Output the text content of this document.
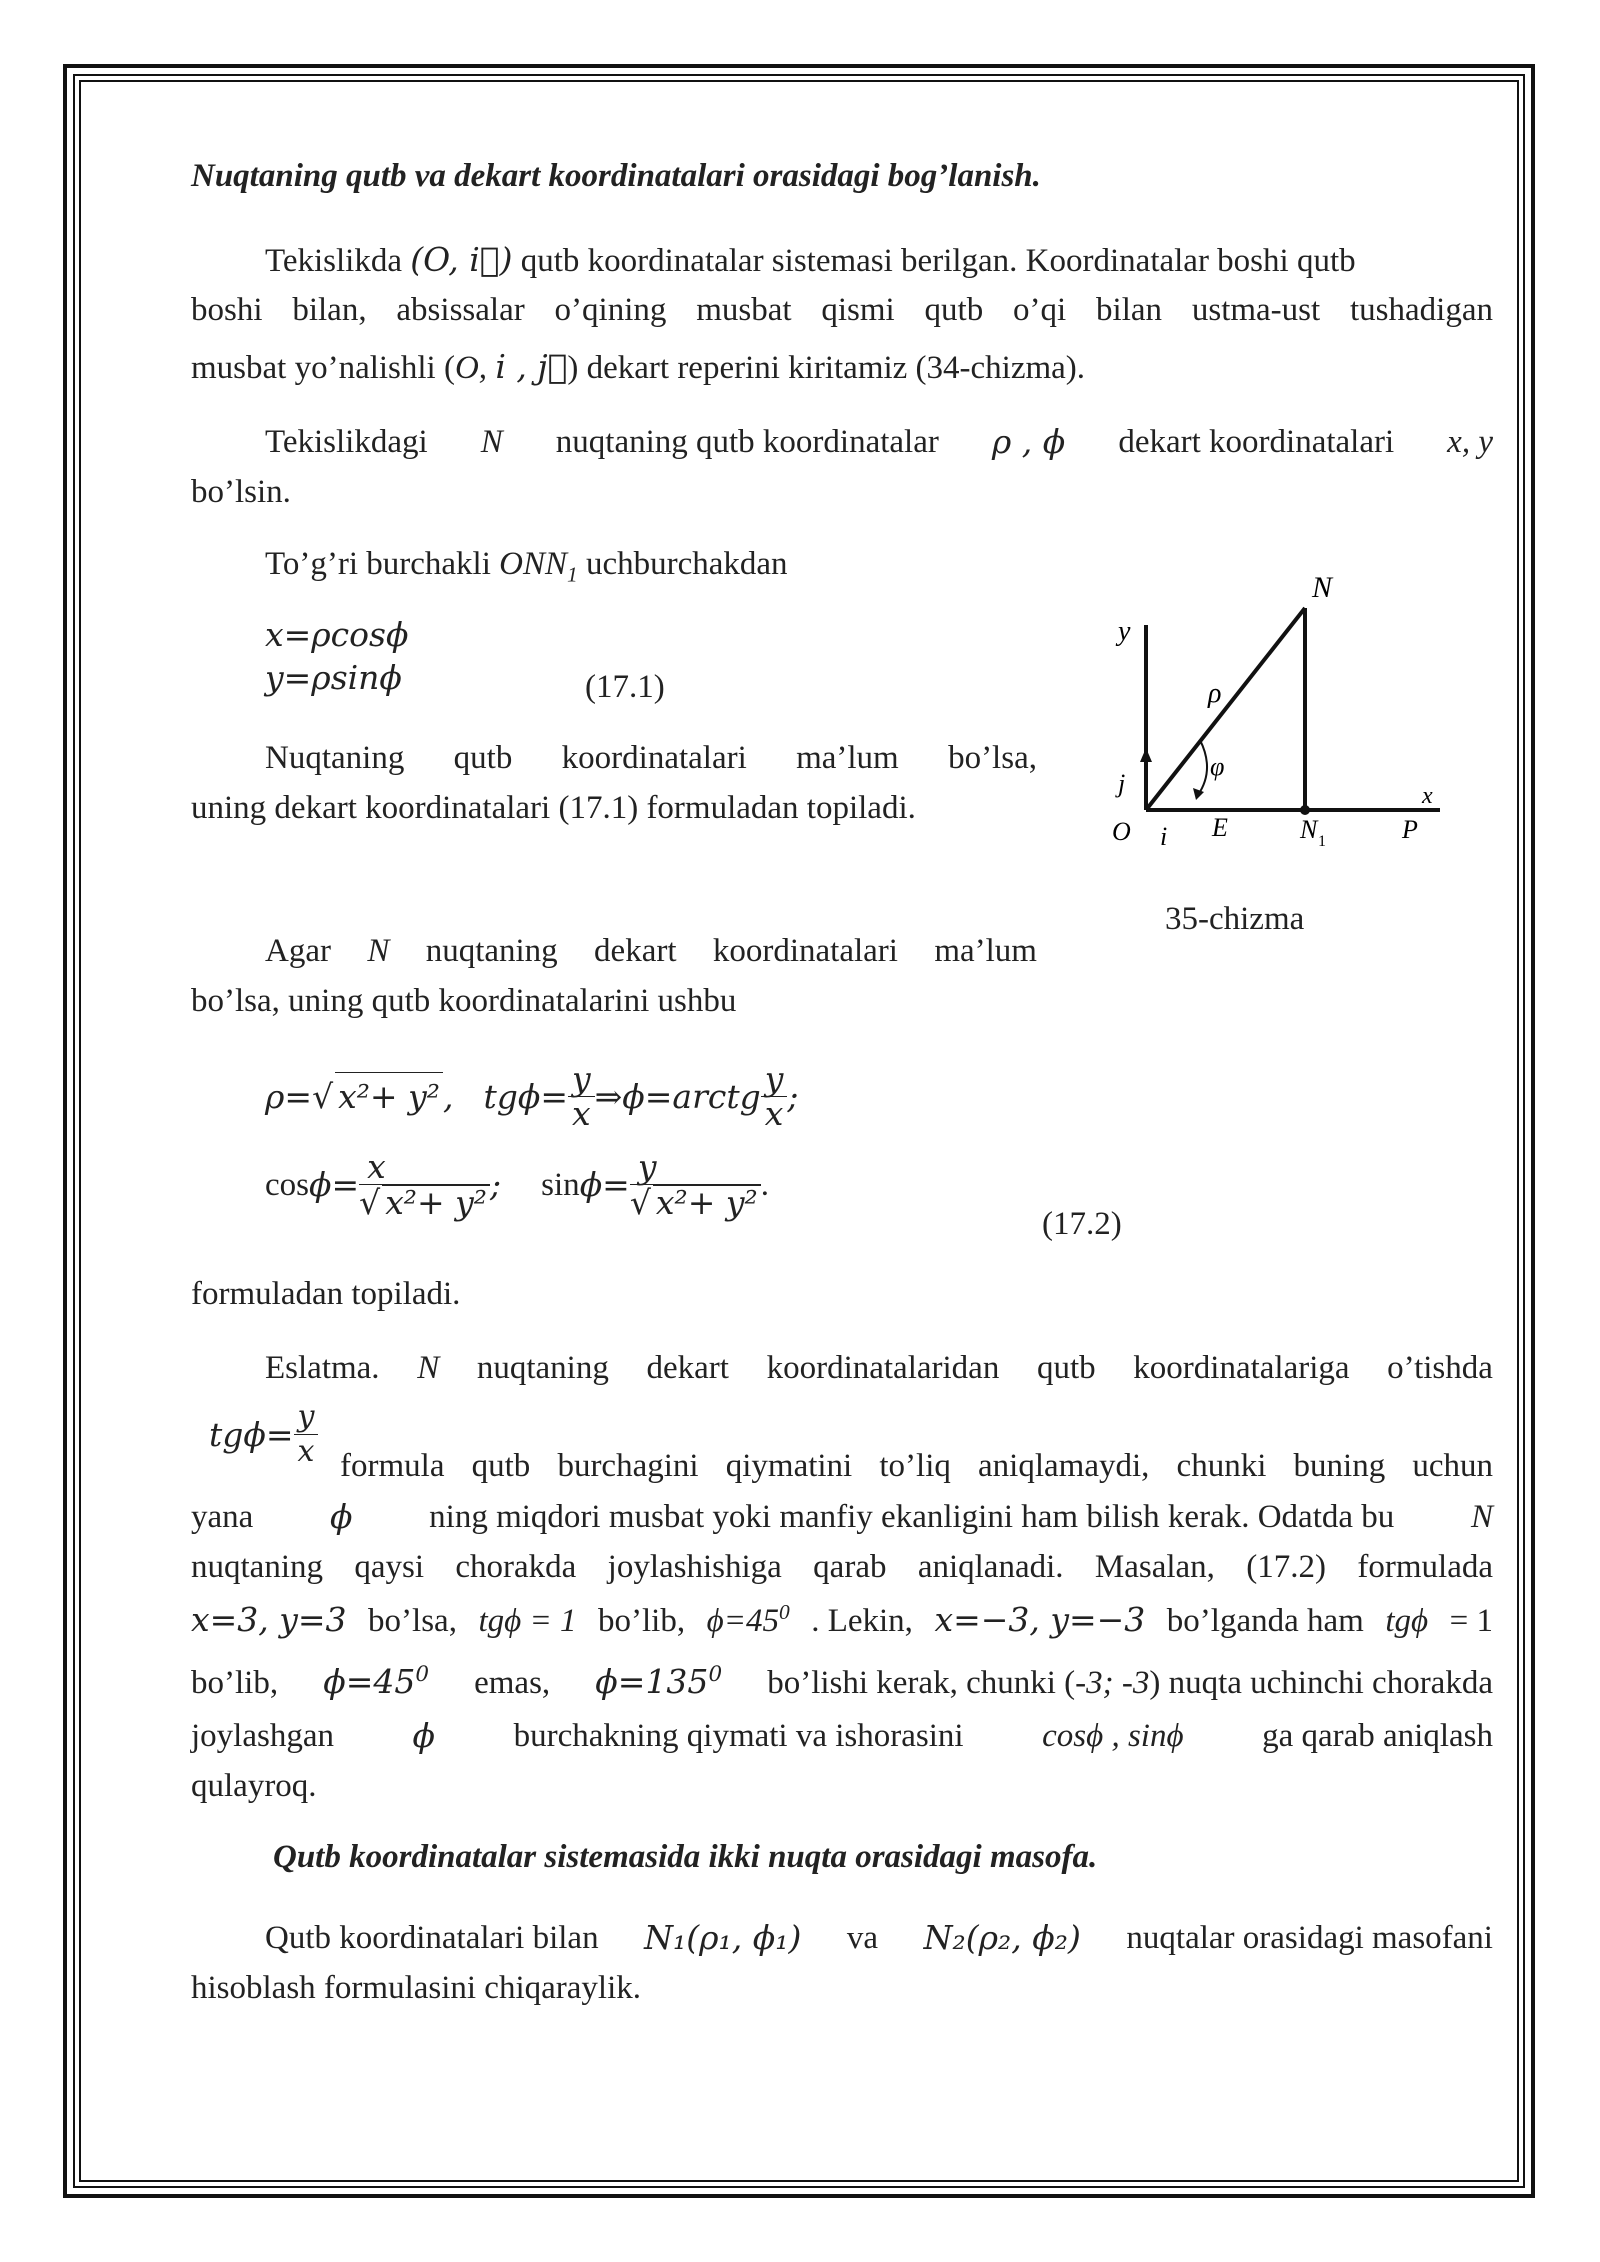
Nuqtaning qutb va dekart koordinatalari orasidagi bog’lanish.
Tekislikda (O, i⃗) qutb koordinatalar sistemasi berilgan. Koordinatalar boshi qutb
boshi bilan, absissalar o’qining musbat qismi qutb o’qi bilan ustma-ust tushadigan
musbat yo’nalishli (O, i , j⃗) dekart reperini kiritamiz (34-chizma).
Tekislikdagi N nuqtaning qutb koordinatalar ρ , ϕ dekart koordinatalari x, y
bo’lsin.
To’g’ri burchakli $ONN_1$ uchburchakdan
x=ρcosϕ
y=ρsinϕ	(17.1)
Nuqtaning qutb koordinatalari ma’lum bo’lsa,
uning dekart koordinatalari (17.1) formuladan topiladi.
N
y
ρ
φ
j
O i E	N 1	P
x
35-chizma
Agar N nuqtaning dekart koordinatalari ma’lum
bo’lsa, uning qutb koordinatalarini ushbu
ρ= √ x²+ y² , $tg\phi= \frac{y}{x}$ ⇒ϕ=arctg $\frac{y}{x}$ ;
$\cos \phi= \frac{x}{\text{√ x²+ y²}}$ ; $\sin \phi= \frac{y}{\text{√ x²+ y²}}$ .
(17.2)
formuladan topiladi.
Eslatma. N nuqtaning dekart koordinatalaridan qutb koordinatalariga o’tishda
$tg\phi= \frac{y}{x}$ formula qutb burchagini qiymatini to’liq aniqlamaydi, chunki buning uchun
yana ϕ ning miqdori musbat yoki manfiy ekanligini ham bilish kerak. Odatda bu N
nuqtaning qaysi chorakda joylashishiga qarab aniqlanadi. Masalan, (17.2) formulada
x=3, y=3 bo’lsa, tgϕ = 1 bo’lib, $\phi=45^0$ . Lekin, x=−3, y=−3 bo’lganda ham tgϕ = 1
bo’lib, $\phi=45^0$ emas, $\phi=135^0$ bo’lishi kerak, chunki (-3; -3) nuqta uchinchi chorakda
joylashgan ϕ burchakning qiymati va ishorasini cosϕ , sinϕ ga qarab aniqlash
qulayroq.
Qutb koordinatalar sistemasida ikki nuqta orasidagi masofa.
Qutb koordinatalari bilan N₁(ρ₁, ϕ₁) va N₂(ρ₂, ϕ₂) nuqtalar orasidagi masofani
hisoblash formulasini chiqaraylik.
